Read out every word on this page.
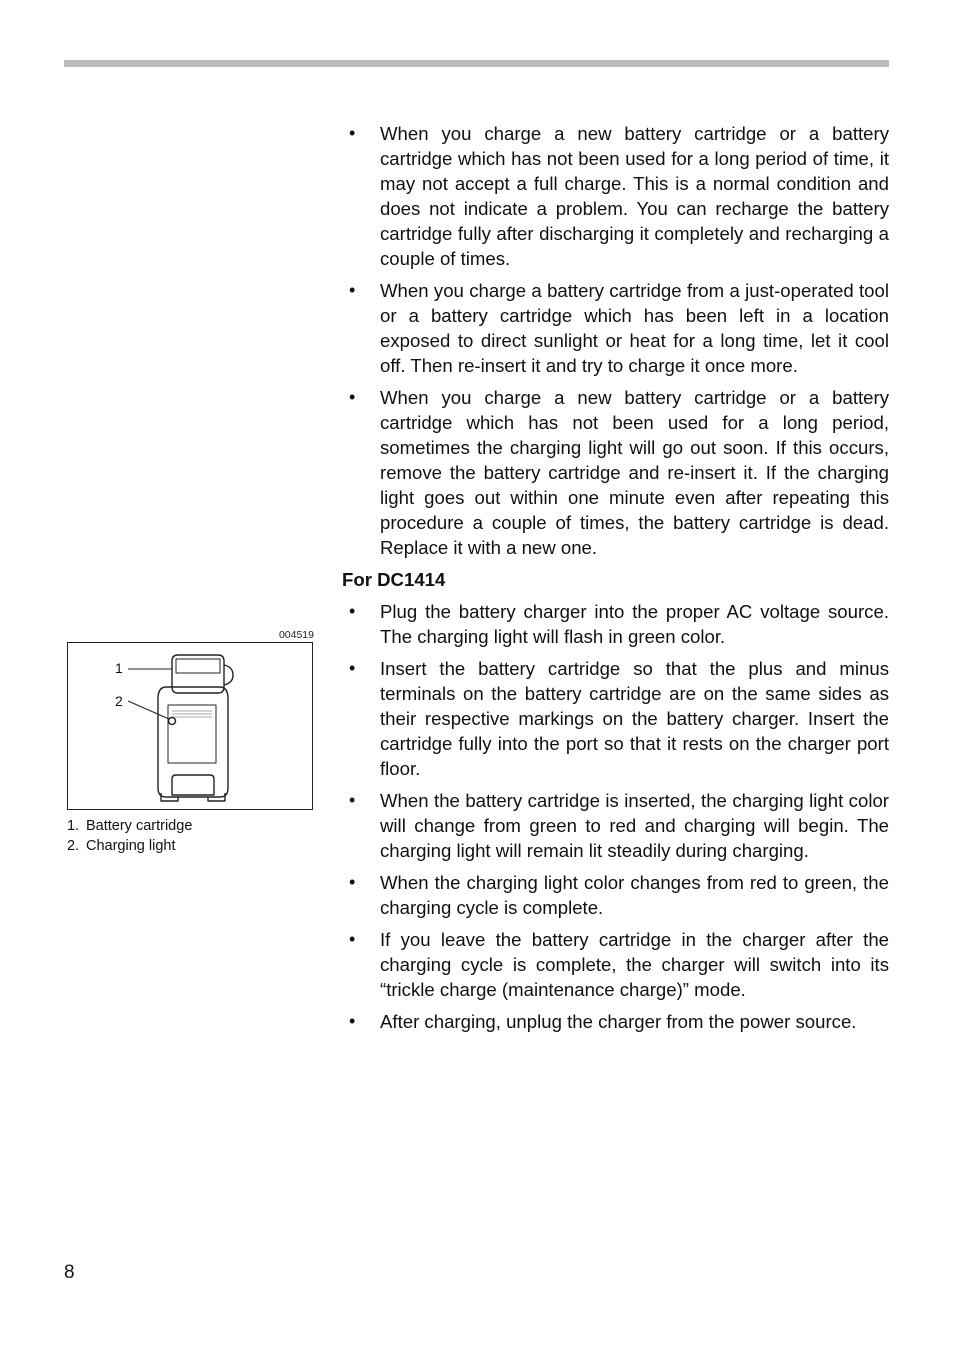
• When you charge a new battery cartridge or a battery cartridge which has not been used for a long period of time, it may not accept a full charge. This is a normal condition and does not indicate a problem. You can recharge the battery cartridge fully after discharging it completely and recharging a couple of times.
• When you charge a battery cartridge from a just-operated tool or a battery cartridge which has been left in a location exposed to direct sunlight or heat for a long time, let it cool off. Then re-insert it and try to charge it once more.
• When you charge a new battery cartridge or a battery cartridge which has not been used for a long period, sometimes the charging light will go out soon. If this occurs, remove the battery cartridge and re-insert it. If the charging light goes out within one minute even after repeating this procedure a couple of times, the battery cartridge is dead. Replace it with a new one.
For DC1414
• Plug the battery charger into the proper AC voltage source. The charging light will flash in green color.
• Insert the battery cartridge so that the plus and minus terminals on the battery cartridge are on the same sides as their respective markings on the battery charger. Insert the cartridge fully into the port so that it rests on the charger port floor.
• When the battery cartridge is inserted, the charging light color will change from green to red and charging will begin. The charging light will remain lit steadily during charging.
• When the charging light color changes from red to green, the charging cycle is complete.
• If you leave the battery cartridge in the charger after the charging cycle is complete, the charger will switch into its “trickle charge (maintenance charge)” mode.
• After charging, unplug the charger from the power source.
004519
1
2
1. Battery cartridge
2. Charging light
8
